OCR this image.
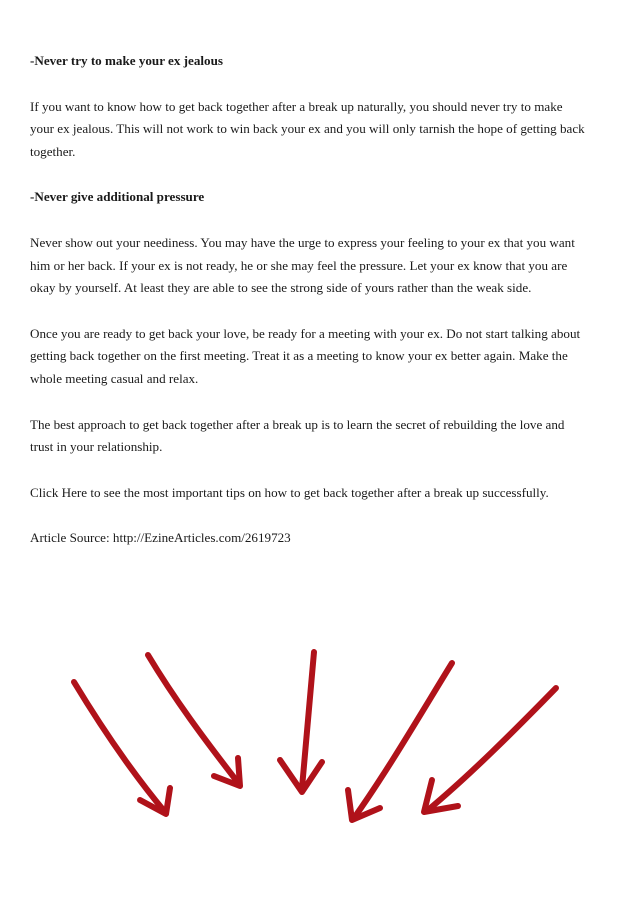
-Never try to make your ex jealous

If you want to know how to get back together after a break up naturally, you should never try to make your ex jealous. This will not work to win back your ex and you will only tarnish the hope of getting back together.

-Never give additional pressure

Never show out your neediness. You may have the urge to express your feeling to your ex that you want him or her back. If your ex is not ready, he or she may feel the pressure. Let your ex know that you are okay by yourself. At least they are able to see the strong side of yours rather than the weak side.

Once you are ready to get back your love, be ready for a meeting with your ex. Do not start talking about getting back together on the first meeting. Treat it as a meeting to know your ex better again. Make the whole meeting casual and relax.

The best approach to get back together after a break up is to learn the secret of rebuilding the love and trust in your relationship.

Click Here to see the most important tips on how to get back together after a break up successfully.

Article Source: http://EzineArticles.com/2619723
